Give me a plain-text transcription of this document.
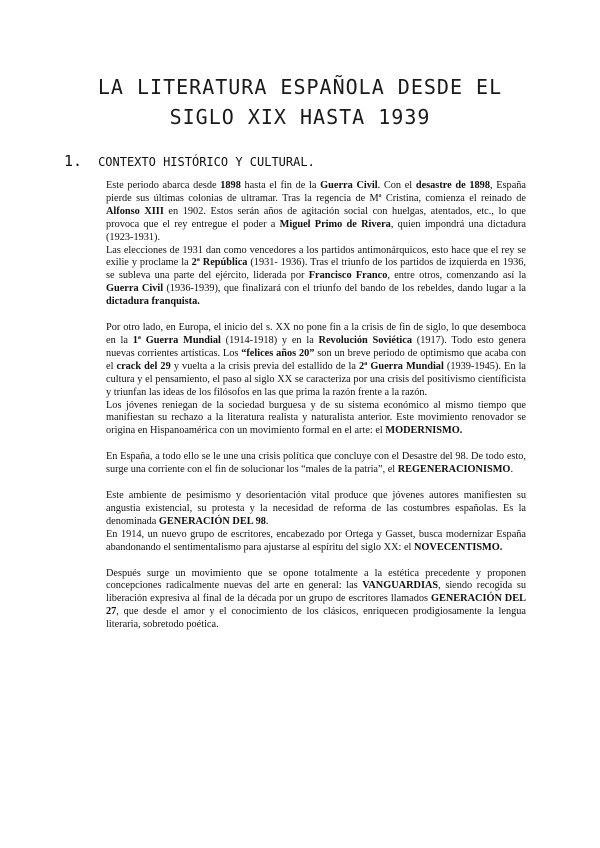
LA LITERATURA ESPAÑOLA DESDE EL
SIGLO XIX HASTA 1939
1. CONTEXTO HISTÓRICO Y CULTURAL.

Este periodo abarca desde 1898 hasta el fin de la Guerra Civil. Con el desastre de 1898, España pierde sus últimas colonias de ultramar. Tras la regencia de Mª Cristina, comienza el reinado de Alfonso XIII en 1902. Estos serán años de agitación social con huelgas, atentados, etc., lo que provoca que el rey entregue el poder a Miguel Primo de Rivera, quien impondrá una dictadura (1923-1931).

Las elecciones de 1931 dan como vencedores a los partidos antimonárquicos, esto hace que el rey se exilie y proclame la 2ª República (1931- 1936). Tras el triunfo de los partidos de izquierda en 1936, se subleva una parte del ejército, liderada por Francisco Franco, entre otros, comenzando así la Guerra Civil (1936-1939), que finalizará con el triunfo del bando de los rebeldes, dando lugar a la dictadura franquista.

Por otro lado, en Europa, el inicio del s. XX no pone fin a la crisis de fin de siglo, lo que desemboca en la 1ª Guerra Mundial (1914-1918) y en la Revolución Soviética (1917). Todo esto genera nuevas corrientes artísticas. Los “felices años 20” son un breve periodo de optimismo que acaba con el crack del 29 y vuelta a la crisis previa del estallido de la 2ª Guerra Mundial (1939-1945). En la cultura y el pensamiento, el paso al siglo XX se caracteriza por una crisis del positivismo científicista y triunfan las ideas de los filósofos en las que prima la razón frente a la razón.

Los jóvenes reniegan de la sociedad burguesa y de su sistema económico al mismo tiempo que manifiestan su rechazo a la literatura realista y naturalista anterior. Este movimiento renovador se origina en Hispanoamérica con un movimiento formal en el arte: el MODERNISMO.

En España, a todo ello se le une una crisis política que concluye con el Desastre del 98. De todo esto, surge una corriente con el fin de solucionar los “males de la patria”, el REGENERACIONISMO.

Este ambiente de pesimismo y desorientación vital produce que jóvenes autores manifiesten su angustia existencial, su protesta y la necesidad de reforma de las costumbres españolas. Es la denominada GENERACIÓN DEL 98.

En 1914, un nuevo grupo de escritores, encabezado por Ortega y Gasset, busca modernizar España abandonando el sentimentalismo para ajustarse al espíritu del siglo XX: el NOVECENTISMO.

Después surge un movimiento que se opone totalmente a la estética precedente y proponen concepciones radicalmente nuevas del arte en general: las VANGUARDIAS, siendo recogida su liberación expresiva al final de la década por un grupo de escritores llamados GENERACIÓN DEL 27, que desde el amor y el conocimiento de los clásicos, enriquecen prodigiosamente la lengua literaria, sobretodo poética.
